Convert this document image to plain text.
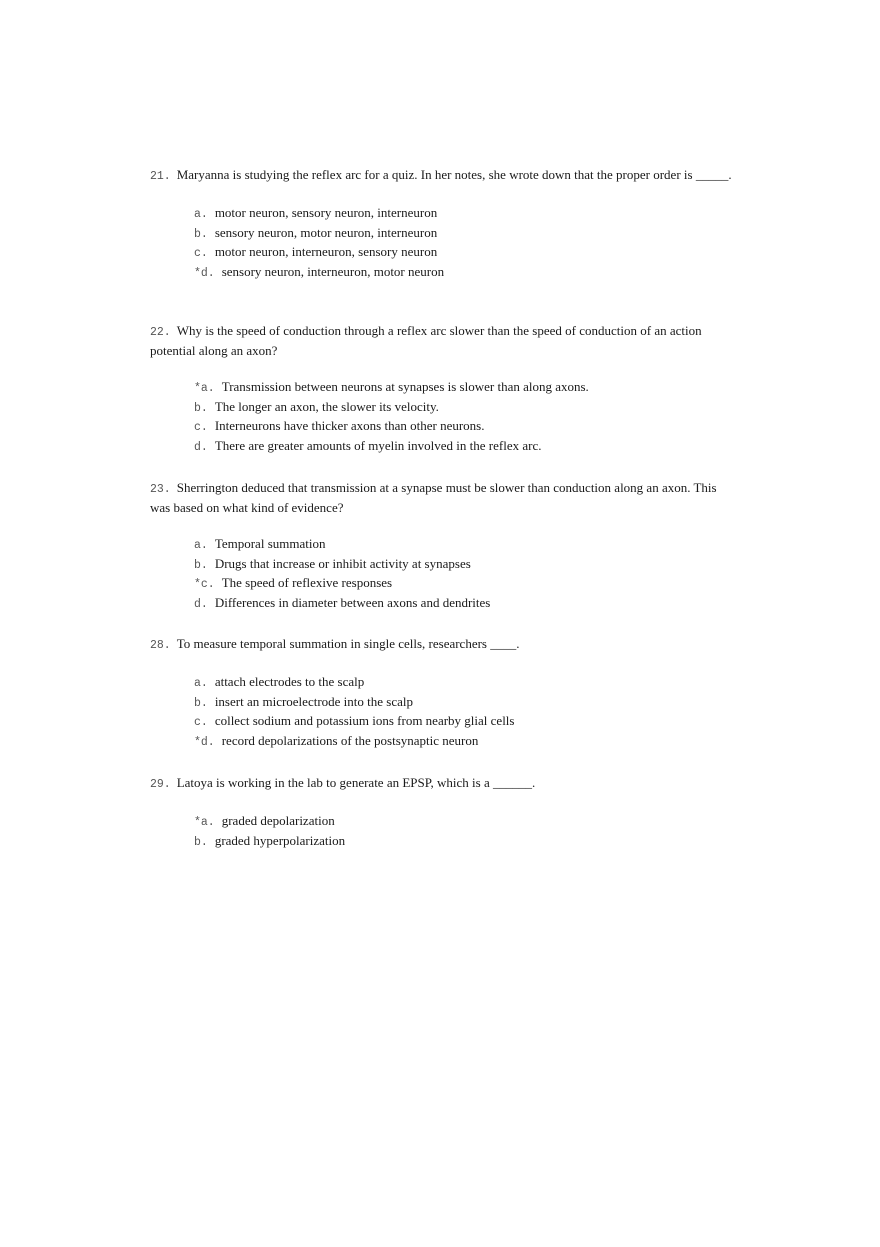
21. Maryanna is studying the reflex arc for a quiz. In her notes, she wrote down that the proper order is _____.

a. motor neuron, sensory neuron, interneuron
b. sensory neuron, motor neuron, interneuron
c. motor neuron, interneuron, sensory neuron
*d. sensory neuron, interneuron, motor neuron

22. Why is the speed of conduction through a reflex arc slower than the speed of conduction of an action potential along an axon?

*a. Transmission between neurons at synapses is slower than along axons.
b. The longer an axon, the slower its velocity.
c. Interneurons have thicker axons than other neurons.
d. There are greater amounts of myelin involved in the reflex arc.

23. Sherrington deduced that transmission at a synapse must be slower than conduction along an axon. This was based on what kind of evidence?

a. Temporal summation
b. Drugs that increase or inhibit activity at synapses
*c. The speed of reflexive responses
d. Differences in diameter between axons and dendrites

28. To measure temporal summation in single cells, researchers ____.

a. attach electrodes to the scalp
b. insert an microelectrode into the scalp
c. collect sodium and potassium ions from nearby glial cells
*d. record depolarizations of the postsynaptic neuron

29. Latoya is working in the lab to generate an EPSP, which is a ______.

*a. graded depolarization
b. graded hyperpolarization
